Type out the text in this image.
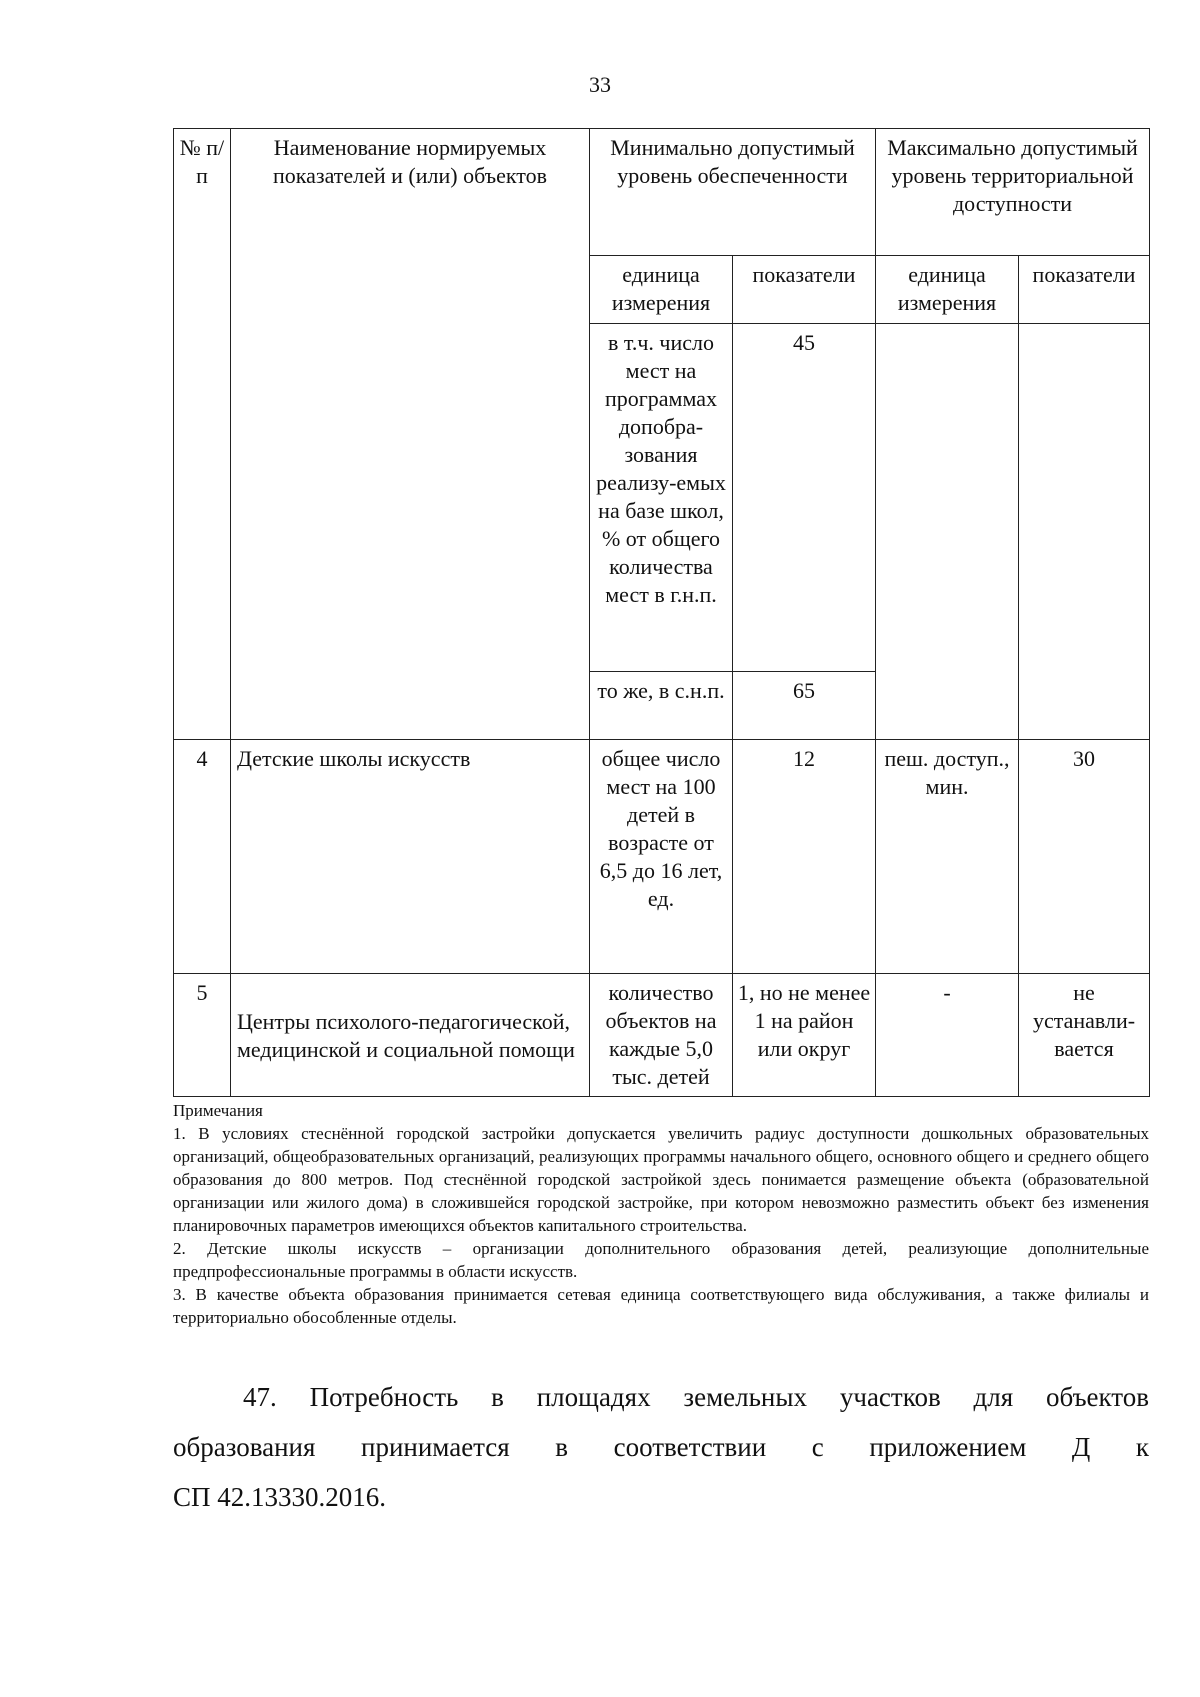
33
№ п/п	Наименование нормируемых показателей и (или) объектов	Минимально допустимый уровень обеспеченности		Максимально допустимый уровень территориальной доступности	
		единица измерения	показатели	единица измерения	показатели
		в т.ч. число мест на программах допобра-зования реализу-емых на базе школ, % от общего количества мест в г.н.п.	45		
		то же, в с.н.п.	65		
4	Детские школы искусств	общее число мест на 100 детей в возрасте от 6,5 до 16 лет, ед.	12	пеш. доступ., мин.	30
5	Центры психолого-педагогической, медицинской и социальной помощи	количество объектов на каждые 5,0 тыс. детей	1, но не менее 1 на район или округ	-	не устанавли-вается

Примечания

1. В условиях стеснённой городской застройки допускается увеличить радиус доступности дошкольных образовательных организаций, общеобразовательных организаций, реализующих программы начального общего, основного общего и среднего общего образования до 800 метров. Под стеснённой городской застройкой здесь понимается размещение объекта (образовательной организации или жилого дома) в сложившейся городской застройке, при котором невозможно разместить объект без изменения планировочных параметров имеющихся объектов капитального строительства.

2. Детские школы искусств – организации дополнительного образования детей, реализующие дополнительные предпрофессиональные программы в области искусств.

3. В качестве объекта образования принимается сетевая единица соответствующего вида обслуживания, а также филиалы и территориально обособленные отделы.

47. Потребность в площадях земельных участков для объектов
образования принимается в соответствии с приложением Д к
СП 42.13330.2016.
